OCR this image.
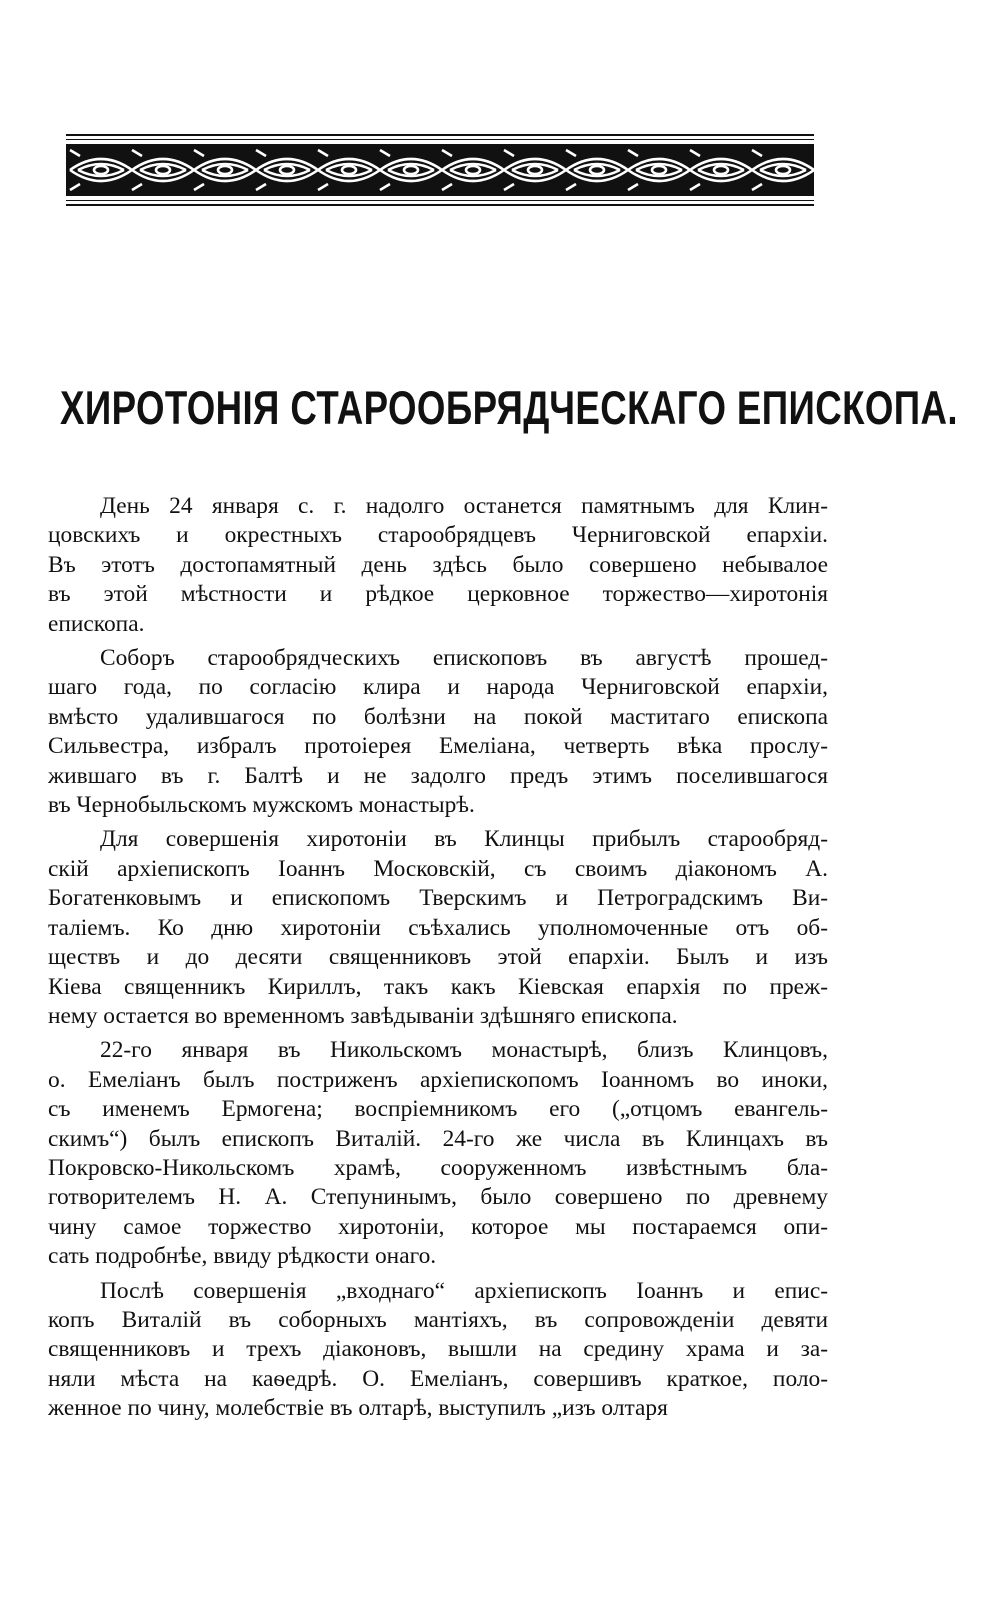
ХИРОТОНІЯ СТАРООБРЯДЧЕСКАГО ЕПИСКОПА.

День 24 января с. г. надолго останется памятнымъ для Клин-
цовскихъ и окрестныхъ старообрядцевъ Черниговской епархіи.
Въ этотъ достопамятный день здѣсь было совершено небывалое
въ этой мѣстности и рѣдкое церковное торжество—хиротонія
епископа.

Соборъ старообрядческихъ епископовъ въ августѣ прошед-
шаго года, по согласію клира и народа Черниговской епархіи,
вмѣсто удалившагося по болѣзни на покой маститаго епископа
Сильвестра, избралъ протоіерея Емеліана, четверть вѣка прослу-
жившаго въ г. Балтѣ и не задолго предъ этимъ поселившагося
въ Чернобыльскомъ мужскомъ монастырѣ.

Для совершенія хиротоніи въ Клинцы прибылъ старообряд-
скій архіепископъ Іоаннъ Московскій, съ своимъ діакономъ А.
Богатенковымъ и епископомъ Тверскимъ и Петроградскимъ Ви-
таліемъ. Ко дню хиротоніи съѣхались уполномоченные отъ об-
ществъ и до десяти священниковъ этой епархіи. Былъ и изъ
Кіева священникъ Кириллъ, такъ какъ Кіевская епархія по преж-
нему остается во временномъ завѣдываніи здѣшняго епископа.

22-го января въ Никольскомъ монастырѣ, близъ Клинцовъ,
о. Емеліанъ былъ постриженъ архіепископомъ Іоанномъ во иноки,
съ именемъ Ермогена; воспріемникомъ его („отцомъ евангель-
скимъ“) былъ епископъ Виталій. 24-го же числа въ Клинцахъ въ
Покровско-Никольскомъ храмѣ, сооруженномъ извѣстнымъ бла-
готворителемъ Н. А. Степунинымъ, было совершено по древнему
чину самое торжество хиротоніи, которое мы постараемся опи-
сать подробнѣе, ввиду рѣдкости онаго.

Послѣ совершенія „входнаго“ архіепископъ Іоаннъ и епис-
копъ Виталій въ соборныхъ мантіяхъ, въ сопровожденіи девяти
священниковъ и трехъ діаконовъ, вышли на средину храма и за-
няли мѣста на каѳедрѣ. О. Емеліанъ, совершивъ краткое, поло-
женное по чину, молебствіе въ олтарѣ, выступилъ „изъ олтаря
